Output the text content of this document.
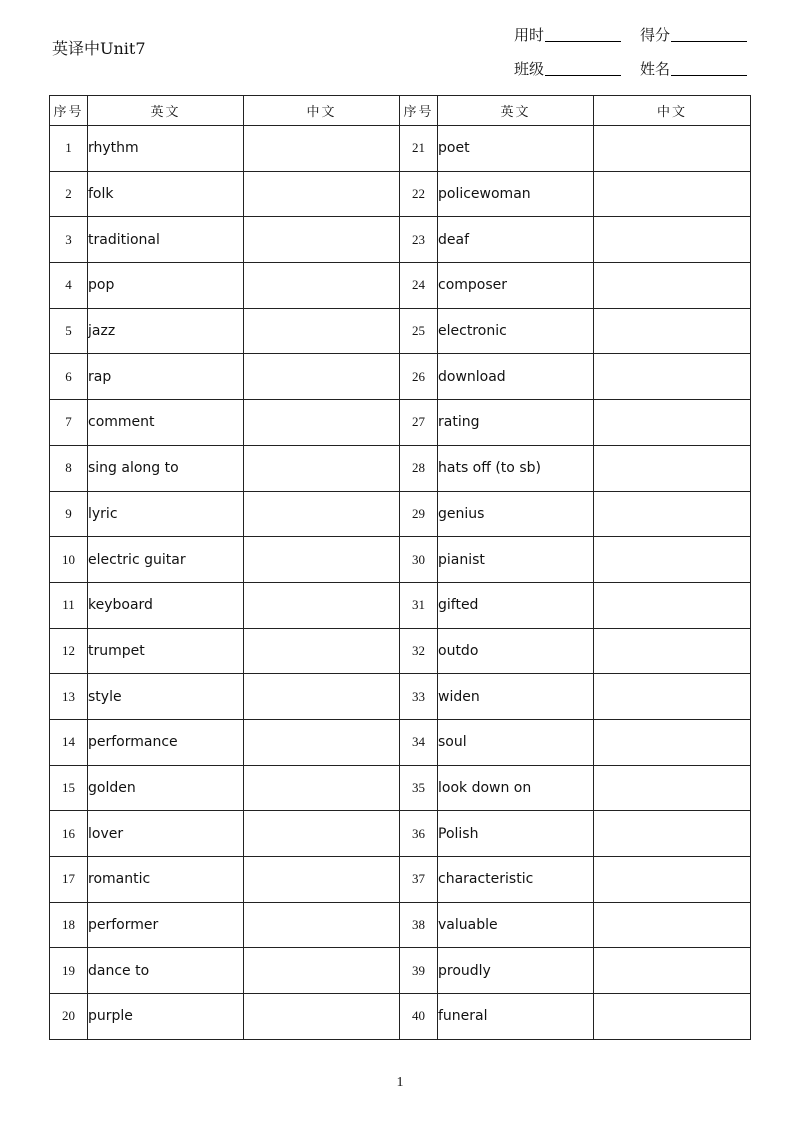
英译中Unit7
用时	得分
班级	姓名
序号	英文	中文	序号	英文	中文
1	rhythm		21	poet	
2	folk		22	policewoman	
3	traditional		23	deaf	
4	pop		24	composer	
5	jazz		25	electronic	
6	rap		26	download	
7	comment		27	rating	
8	sing along to		28	hats off (to sb)	
9	lyric		29	genius	
10	electric guitar		30	pianist	
11	keyboard		31	gifted	
12	trumpet		32	outdo	
13	style		33	widen	
14	performance		34	soul	
15	golden		35	look down on	
16	lover		36	Polish	
17	romantic		37	characteristic	
18	performer		38	valuable	
19	dance to		39	proudly	
20	purple		40	funeral	
1
